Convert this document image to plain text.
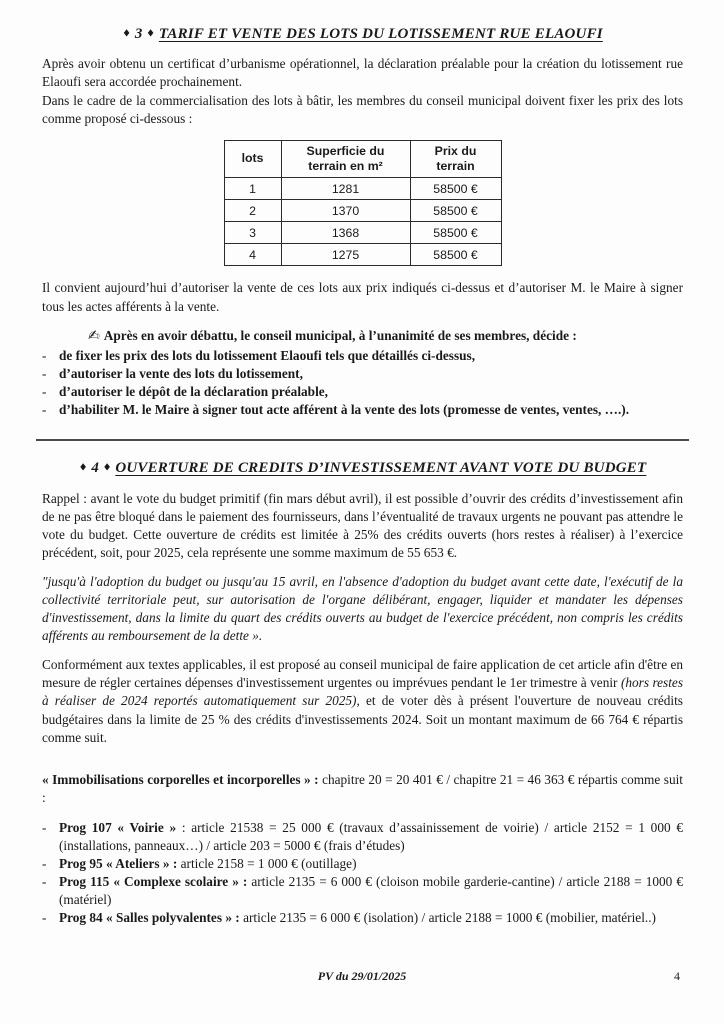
♦ 3 ♦ TARIF ET VENTE DES LOTS DU LOTISSEMENT RUE ELAOUFI

Après avoir obtenu un certificat d’urbanisme opérationnel, la déclaration préalable pour la création du lotissement rue Elaoufi sera accordée prochainement.

Dans le cadre de la commercialisation des lots à bâtir, les membres du conseil municipal doivent fixer les prix des lots comme proposé ci-dessous :

lots	Superficie du terrain en m²	Prix du terrain
1	1281	58500 €
2	1370	58500 €
3	1368	58500 €
4	1275	58500 €

Il convient aujourd’hui d’autoriser la vente de ces lots aux prix indiqués ci-dessus et d’autoriser M. le Maire à signer tous les actes afférents à la vente.

✍ Après en avoir débattu, le conseil municipal, à l’unanimité de ses membres, décide :
- de fixer les prix des lots du lotissement Elaoufi tels que détaillés ci-dessus,
- d’autoriser la vente des lots du lotissement,
- d’autoriser le dépôt de la déclaration préalable,
- d’habiliter M. le Maire à signer tout acte afférent à la vente des lots (promesse de ventes, ventes, ….).
♦ 4 ♦ OUVERTURE DE CREDITS D’INVESTISSEMENT AVANT VOTE DU BUDGET

Rappel : avant le vote du budget primitif (fin mars début avril), il est possible d’ouvrir des crédits d’investissement afin de ne pas être bloqué dans le paiement des fournisseurs, dans l’éventualité de travaux urgents ne pouvant pas attendre le vote du budget. Cette ouverture de crédits est limitée à 25% des crédits ouverts (hors restes à réaliser) à l’exercice précédent, soit, pour 2025, cela représente une somme maximum de 55 653 €.

"jusqu'à l'adoption du budget ou jusqu'au 15 avril, en l'absence d'adoption du budget avant cette date, l'exécutif de la collectivité territoriale peut, sur autorisation de l'organe délibérant, engager, liquider et mandater les dépenses d'investissement, dans la limite du quart des crédits ouverts au budget de l'exercice précédent, non compris les crédits afférents au remboursement de la dette ».

Conformément aux textes applicables, il est proposé au conseil municipal de faire application de cet article afin d'être en mesure de régler certaines dépenses d'investissement urgentes ou imprévues pendant le 1er trimestre à venir (hors restes à réaliser de 2024 reportés automatiquement sur 2025), et de voter dès à présent l'ouverture de nouveau crédits budgétaires dans la limite de 25 % des crédits d'investissements 2024. Soit un montant maximum de 66 764 € répartis comme suit.

« Immobilisations corporelles et incorporelles » : chapitre 20 = 20 401 € / chapitre 21 = 46 363 € répartis comme suit :

- Prog 107 « Voirie » : article 21538 = 25 000 € (travaux d’assainissement de voirie) / article 2152 = 1 000 € (installations, panneaux…) / article 203 = 5000 € (frais d’études)
- Prog 95 « Ateliers » : article 2158 = 1 000 € (outillage)
- Prog 115 « Complexe scolaire » : article 2135 = 6 000 € (cloison mobile garderie-cantine) / article 2188 = 1000 € (matériel)
- Prog 84 « Salles polyvalentes » : article 2135 = 6 000 € (isolation) / article 2188 = 1000 € (mobilier, matériel..)
PV du 29/01/2025	4
